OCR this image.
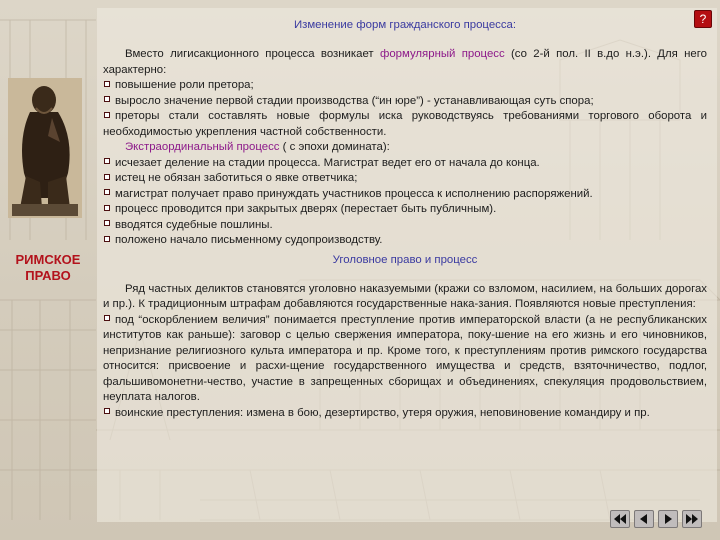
РИМСКОЕ
ПРАВО
?
Изменение форм гражданского процесса:

Вместо лигисакционного процесса возникает формулярный процесс (со 2-й пол. II в.до н.э.). Для него характерно:

повышение роли претора;

выросло значение первой стадии производства (“ин юре”) - устанавливающая суть спора;

преторы стали составлять новые формулы иска руководствуясь требованиями торгового оборота и необходимостью укрепления частной собственности.

Экстраординальный процесс ( с эпохи домината):

исчезает деление на стадии процесса. Магистрат ведет его от начала до конца.

истец не обязан заботиться о явке ответчика;

магистрат получает право принуждать участников процесса к исполнению распоряжений.

процесс проводится при закрытых дверях (перестает быть публичным).

вводятся судебные пошлины.

положено начало письменному судопроизводству.

Уголовное право и процесс

Ряд частных деликтов становятся уголовно наказуемыми (кражи со взломом, насилием, на больших дорогах и пр.). К традиционным штрафам добавляются государственные нака-зания. Появляются новые преступления:

под “оскорблением величия” понимается преступление против императорской власти (а не республиканских институтов как раньше): заговор с целью свержения императора, поку-шение на его жизнь и его чиновников, непризнание религиозного культа императора и пр. Кроме того, к преступлениям против римского государства относится: присвоение и расхи-щение государственного имущества и средств, взяточничество, подлог, фальшивомонетни-чество, участие в запрещенных сборищах и объединениях, спекуляция продовольствием, неуплата налогов.

воинские преступления: измена в бою, дезертирство, утеря оружия, неповиновение командиру и пр.
